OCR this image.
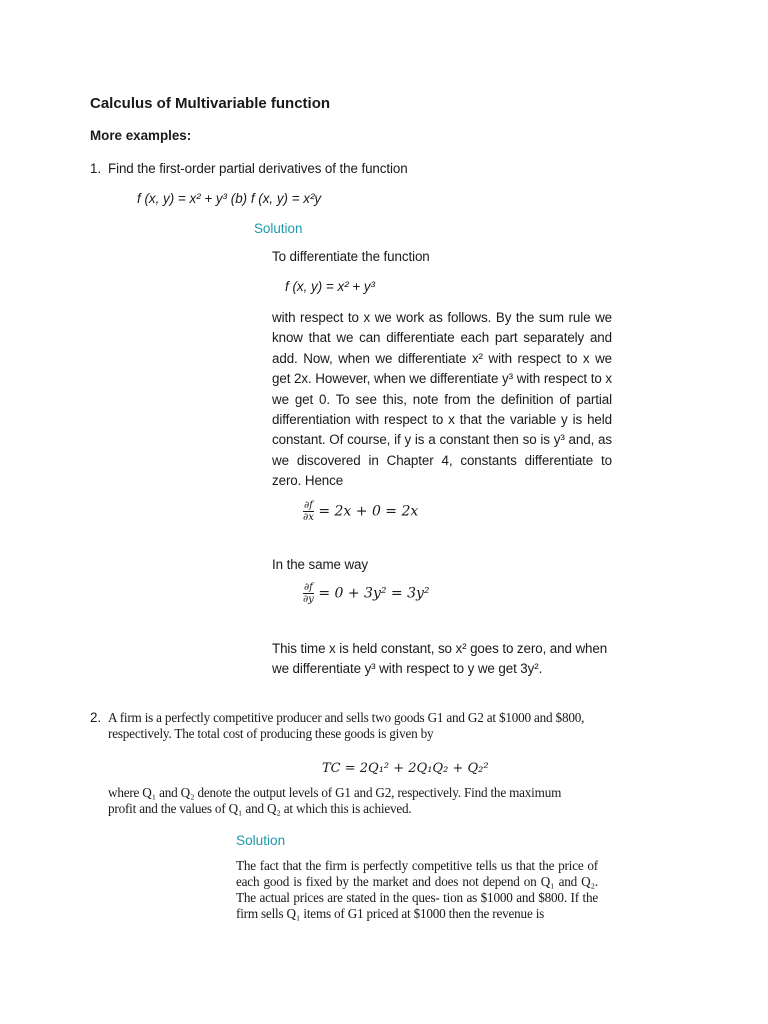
Calculus of Multivariable function
More examples:
1. Find the first-order partial derivatives of the function
f (x, y) = x² + y³ (b) f (x, y) = x²y
Solution
To differentiate the function
f (x, y) = x² + y³
with respect to x we work as follows. By the sum rule we know that we can differentiate each part separately and add. Now, when we differentiate x² with respect to x we get 2x. However, when we differentiate y³ with respect to x we get 0. To see this, note from the definition of partial differentiation with respect to x that the variable y is held constant. Of course, if y is a constant then so is y³ and, as we discovered in Chapter 4, constants differentiate to zero. Hence
$\frac{\partial f}{\partial x} = 2x + 0 = 2x$
In the same way
$\frac{\partial f}{\partial y} = 0 + 3y^2 = 3y^2$
This time x is held constant, so x² goes to zero, and when we differentiate y³ with respect to y we get 3y².
2. A firm is a perfectly competitive producer and sells two goods G1 and G2 at $1000 and $800, respectively. The total cost of producing these goods is given by
TC = 2Q₁² + 2Q₁Q₂ + Q₂²
where Q₁ and Q₂ denote the output levels of G1 and G2, respectively. Find the maximum profit and the values of Q₁ and Q₂ at which this is achieved.
Solution
The fact that the firm is perfectly competitive tells us that the price of each good is fixed by the market and does not depend on Q₁ and Q₂. The actual prices are stated in the ques- tion as $1000 and $800. If the firm sells Q₁ items of G1 priced at $1000 then the revenue is
